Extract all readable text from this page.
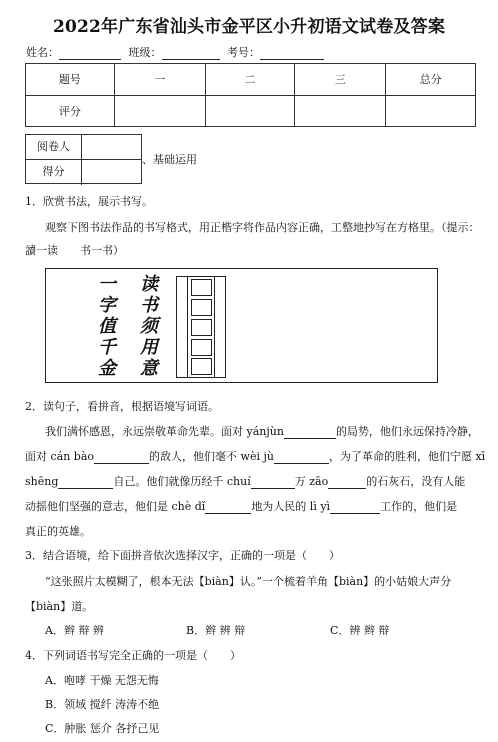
2022年广东省汕头市金平区小升初语文试卷及答案
姓名：	班级：	考号：
题号	一	二	三	总分
评分				
阅卷人
得分
、基础运用
1．欣赏书法，展示书写。
观察下图书法作品的书写格式，用正楷字将作品内容正确，工整地抄写在方格里。（提示：
讀一读　　书一书）
一
字
值
千
金
读
书
须
用
意
2．读句子，看拼音，根据语境写词语。
我们满怀感恩，永远崇敬革命先辈。面对 yánjùn	的局势，他们永远保持冷静，
面对 cán bào	的敌人，他们毫不 wèi jù	，为了革命的胜利，他们宁愿 xī
shēng	自己。他们就像历经千 chuí	万 zāo	的石灰石，没有人能
动摇他们坚强的意志，他们是 chè dǐ	地为人民的 lì yì	工作的，他们是
真正的英雄。
3．结合语境，给下面拼音依次选择汉字，正确的一项是（　　）
“这张照片太模糊了，根本无法【biàn】认。”一个梳着羊角【biàn】的小姑娘大声分
【biàn】道。
A．辫 辩 辨	B．辫 辨 辩	C．辨 辫 辩
4．下列词语书写完全正确的一项是（　　）
A．咆哮 干燥 无怨无悔
B．领域 搅纤 涛涛不绝
C．肿胀 惩介 各抒己见
